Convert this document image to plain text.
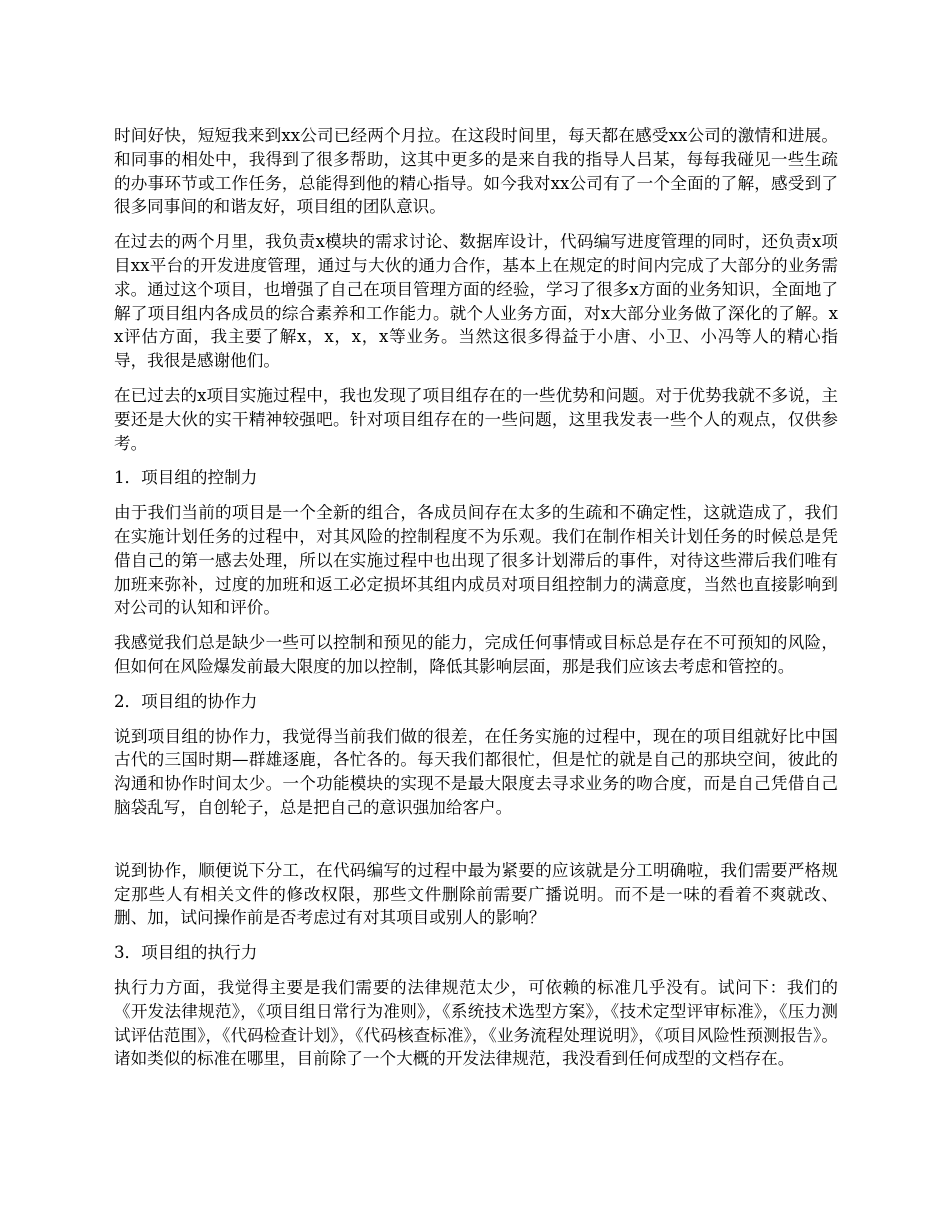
时间好快，短短我来到xx公司已经两个月拉。在这段时间里，每天都在感受xx公司的激情和进展。和同事的相处中，我得到了很多帮助，这其中更多的是来自我的指导人吕某，每每我碰见一些生疏的办事环节或工作任务，总能得到他的精心指导。如今我对xx公司有了一个全面的了解，感受到了很多同事间的和谐友好，项目组的团队意识。

在过去的两个月里，我负责x模块的需求讨论、数据库设计，代码编写进度管理的同时，还负责x项目xx平台的开发进度管理，通过与大伙的通力合作，基本上在规定的时间内完成了大部分的业务需求。通过这个项目，也增强了自己在项目管理方面的经验，学习了很多x方面的业务知识，全面地了解了项目组内各成员的综合素养和工作能力。就个人业务方面，对x大部分业务做了深化的了解。xx评估方面，我主要了解x，x，x，x等业务。当然这很多得益于小唐、小卫、小冯等人的精心指导，我很是感谢他们。

在已过去的x项目实施过程中，我也发现了项目组存在的一些优势和问题。对于优势我就不多说，主要还是大伙的实干精神较强吧。针对项目组存在的一些问题，这里我发表一些个人的观点，仅供参考。

1．项目组的控制力

由于我们当前的项目是一个全新的组合，各成员间存在太多的生疏和不确定性，这就造成了，我们在实施计划任务的过程中，对其风险的控制程度不为乐观。我们在制作相关计划任务的时候总是凭借自己的第一感去处理，所以在实施过程中也出现了很多计划滞后的事件，对待这些滞后我们唯有加班来弥补，过度的加班和返工必定损坏其组内成员对项目组控制力的满意度，当然也直接影响到对公司的认知和评价。

我感觉我们总是缺少一些可以控制和预见的能力，完成任何事情或目标总是存在不可预知的风险，但如何在风险爆发前最大限度的加以控制，降低其影响层面，那是我们应该去考虑和管控的。

2．项目组的协作力

说到项目组的协作力，我觉得当前我们做的很差，在任务实施的过程中，现在的项目组就好比中国古代的三国时期—群雄逐鹿，各忙各的。每天我们都很忙，但是忙的就是自己的那块空间，彼此的沟通和协作时间太少。一个功能模块的实现不是最大限度去寻求业务的吻合度，而是自己凭借自己脑袋乱写，自创轮子，总是把自己的意识强加给客户。

说到协作，顺便说下分工，在代码编写的过程中最为紧要的应该就是分工明确啦，我们需要严格规定那些人有相关文件的修改权限，那些文件删除前需要广播说明。而不是一味的看着不爽就改、删、加，试问操作前是否考虑过有对其项目或别人的影响？

3．项目组的执行力

执行力方面，我觉得主要是我们需要的法律规范太少，可依赖的标准几乎没有。试问下：我们的《开发法律规范》，《项目组日常行为准则》，《系统技术选型方案》，《技术定型评审标准》，《压力测试评估范围》，《代码检查计划》，《代码核查标准》，《业务流程处理说明》，《项目风险性预测报告》。诸如类似的标准在哪里，目前除了一个大概的开发法律规范，我没看到任何成型的文档存在。
